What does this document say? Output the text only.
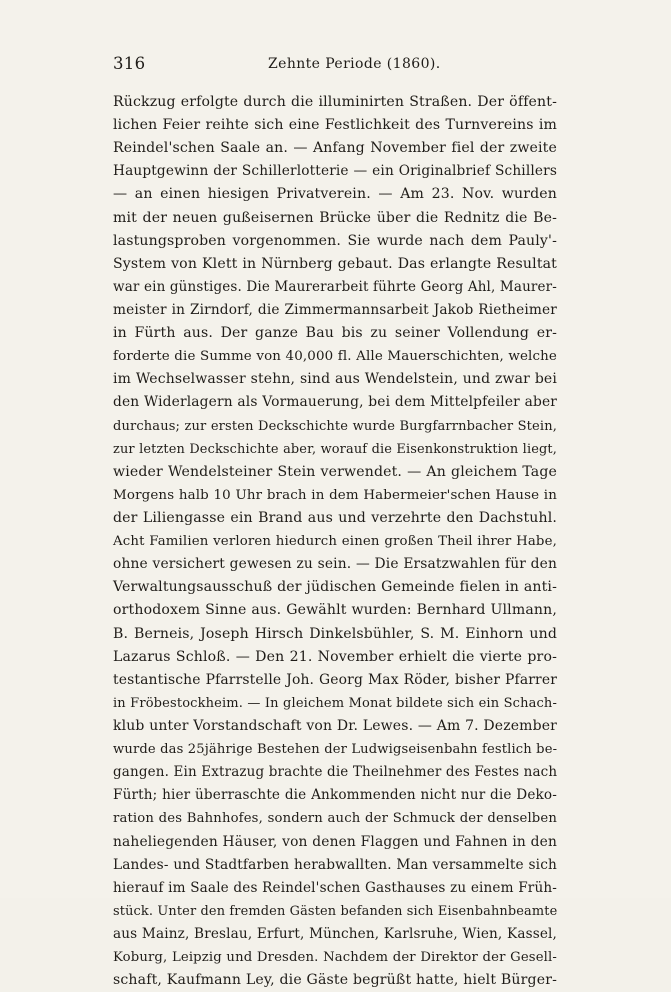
316	Zehnte Periode (1860).
Rückzug erfolgte durch die illuminirten Straßen. Der öffent-
lichen Feier reihte sich eine Festlichkeit des Turnvereins im
Reindel'schen Saale an. — Anfang November fiel der zweite
Hauptgewinn der Schillerlotterie — ein Originalbrief Schillers
— an einen hiesigen Privatverein. — Am 23. Nov. wurden
mit der neuen gußeisernen Brücke über die Rednitz die Be-
lastungsproben vorgenommen. Sie wurde nach dem Pauly'-
System von Klett in Nürnberg gebaut. Das erlangte Resultat
war ein günstiges. Die Maurerarbeit führte Georg Ahl, Maurer-
meister in Zirndorf, die Zimmermannsarbeit Jakob Rietheimer
in Fürth aus. Der ganze Bau bis zu seiner Vollendung er-
forderte die Summe von 40,000 fl. Alle Mauerschichten, welche
im Wechselwasser stehn, sind aus Wendelstein, und zwar bei
den Widerlagern als Vormauerung, bei dem Mittelpfeiler aber
durchaus; zur ersten Deckschichte wurde Burgfarrnbacher Stein,
zur letzten Deckschichte aber, worauf die Eisenkonstruktion liegt,
wieder Wendelsteiner Stein verwendet. — An gleichem Tage
Morgens halb 10 Uhr brach in dem Habermeier'schen Hause in
der Liliengasse ein Brand aus und verzehrte den Dachstuhl.
Acht Familien verloren hiedurch einen großen Theil ihrer Habe,
ohne versichert gewesen zu sein. — Die Ersatzwahlen für den
Verwaltungsausschuß der jüdischen Gemeinde fielen in anti-
orthodoxem Sinne aus. Gewählt wurden: Bernhard Ullmann,
B. Berneis, Joseph Hirsch Dinkelsbühler, S. M. Einhorn und
Lazarus Schloß. — Den 21. November erhielt die vierte pro-
testantische Pfarrstelle Joh. Georg Max Röder, bisher Pfarrer
in Fröbestockheim. — In gleichem Monat bildete sich ein Schach-
klub unter Vorstandschaft von Dr. Lewes. — Am 7. Dezember
wurde das 25jährige Bestehen der Ludwigseisenbahn festlich be-
gangen. Ein Extrazug brachte die Theilnehmer des Festes nach
Fürth; hier überraschte die Ankommenden nicht nur die Deko-
ration des Bahnhofes, sondern auch der Schmuck der denselben
naheliegenden Häuser, von denen Flaggen und Fahnen in den
Landes- und Stadtfarben herabwallten. Man versammelte sich
hierauf im Saale des Reindel'schen Gasthauses zu einem Früh-
stück. Unter den fremden Gästen befanden sich Eisenbahnbeamte
aus Mainz, Breslau, Erfurt, München, Karlsruhe, Wien, Kassel,
Koburg, Leipzig und Dresden. Nachdem der Direktor der Gesell-
schaft, Kaufmann Ley, die Gäste begrüßt hatte, hielt Bürger-
